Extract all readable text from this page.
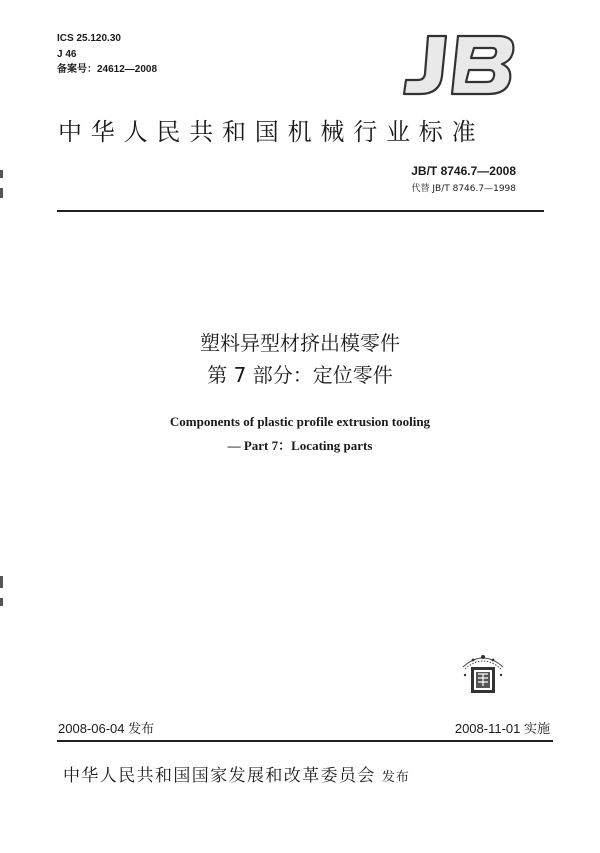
ICS 25.120.30
J 46
备案号：24612—2008
中华人民共和国机械行业标准
JB/T 8746.7—2008
代替 JB/T 8746.7—1998
塑料异型材挤出模零件
第 7 部分：定位零件
Components of plastic profile extrusion tooling
— Part 7：Locating parts
2008-06-04 发布	2008-11-01 实施
中华人民共和国国家发展和改革委员会 发布
